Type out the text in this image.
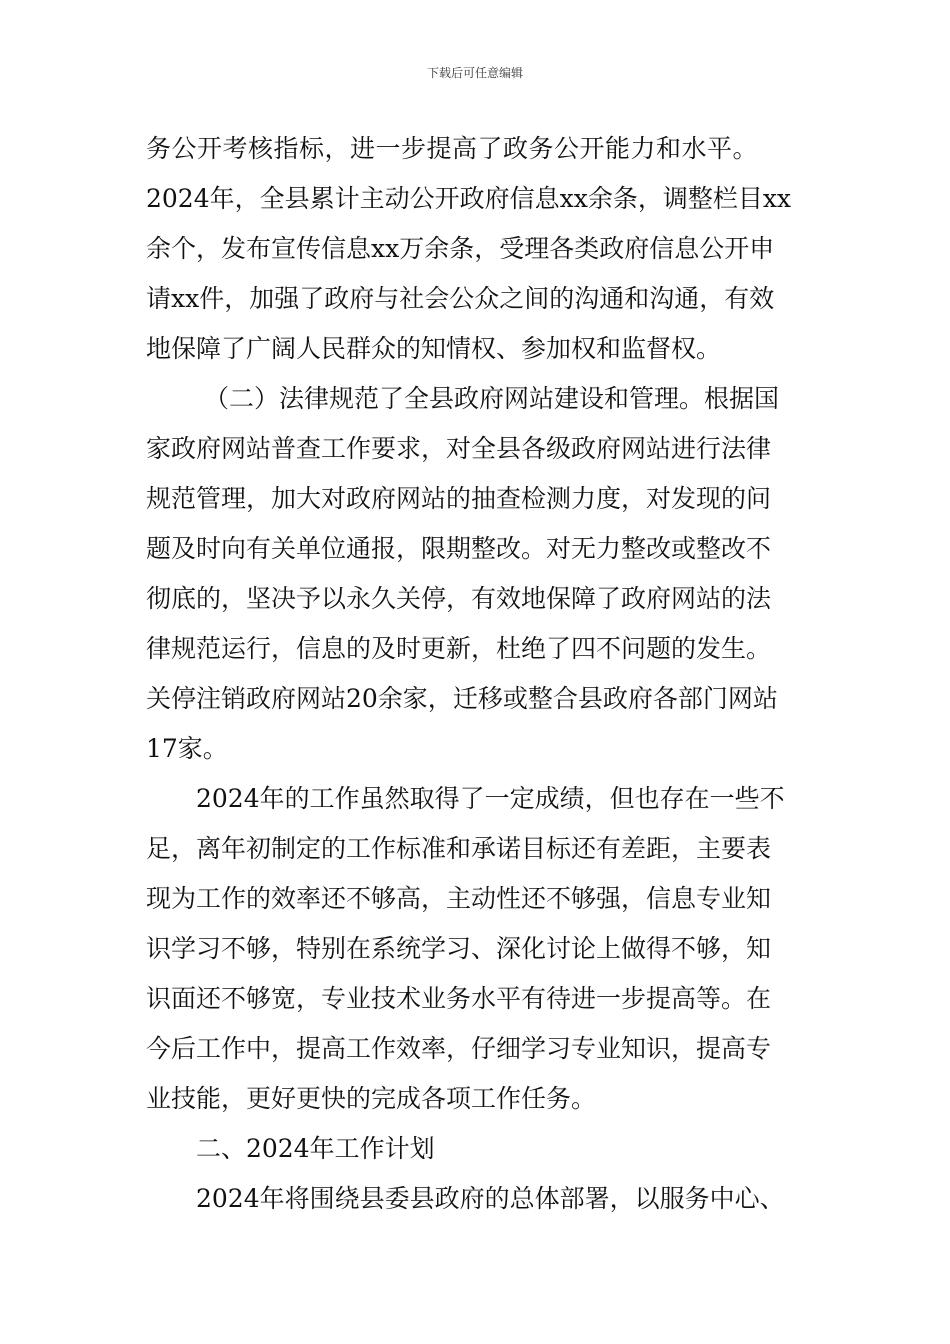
下载后可任意编辑
务公开考核指标，进一步提高了政务公开能力和水平。
2024年，全县累计主动公开政府信息xx余条，调整栏目xx
余个，发布宣传信息xx万余条，受理各类政府信息公开申
请xx件，加强了政府与社会公众之间的沟通和沟通，有效
地保障了广阔人民群众的知情权、参加权和监督权。
（二）法律规范了全县政府网站建设和管理。根据国
家政府网站普查工作要求，对全县各级政府网站进行法律
规范管理，加大对政府网站的抽查检测力度，对发现的问
题及时向有关单位通报，限期整改。对无力整改或整改不
彻底的，坚决予以永久关停，有效地保障了政府网站的法
律规范运行，信息的及时更新，杜绝了四不问题的发生。
关停注销政府网站20余家，迁移或整合县政府各部门网站
17家。
2024年的工作虽然取得了一定成绩，但也存在一些不
足，离年初制定的工作标准和承诺目标还有差距，主要表
现为工作的效率还不够高，主动性还不够强，信息专业知
识学习不够，特别在系统学习、深化讨论上做得不够，知
识面还不够宽，专业技术业务水平有待进一步提高等。在
今后工作中，提高工作效率，仔细学习专业知识，提高专
业技能，更好更快的完成各项工作任务。
二、2024年工作计划
2024年将围绕县委县政府的总体部署，以服务中心、
